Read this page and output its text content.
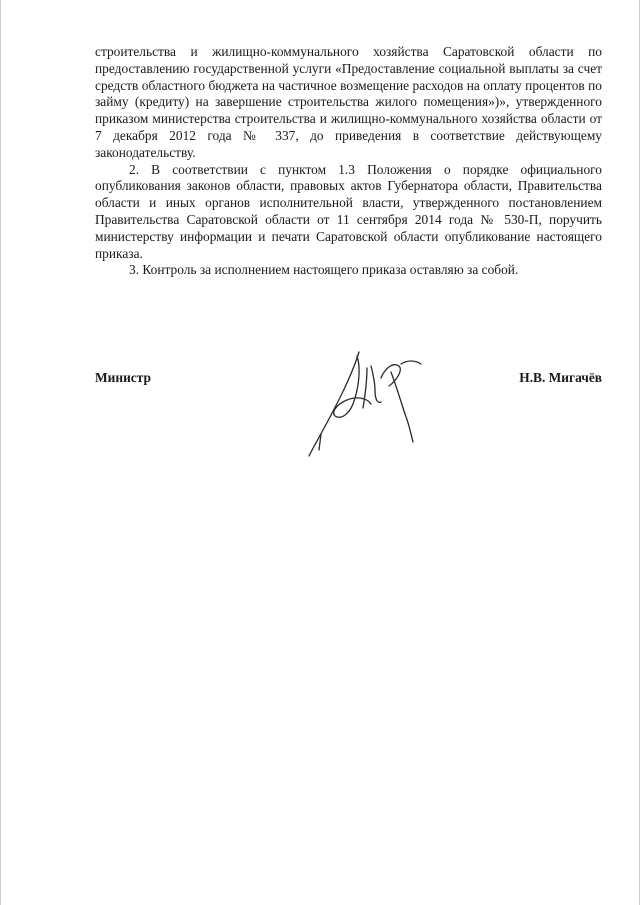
строительства и жилищно-коммунального хозяйства Саратовской области по предоставлению государственной услуги «Предоставление социальной выплаты за счет средств областного бюджета на частичное возмещение расходов на оплату процентов по займу (кредиту) на завершение строительства жилого помещения»)», утвержденного приказом министерства строительства и жилищно-коммунального хозяйства области от 7 декабря 2012 года № 337, до приведения в соответствие действующему законодательству.

2. В соответствии с пунктом 1.3 Положения о порядке официального опубликования законов области, правовых актов Губернатора области, Правительства области и иных органов исполнительной власти, утвержденного постановлением Правительства Саратовской области от 11 сентября 2014 года № 530-П, поручить министерству информации и печати Саратовской области опубликование настоящего приказа.

3. Контроль за исполнением настоящего приказа оставляю за собой.

Министр	Н.В. Мигачёв
